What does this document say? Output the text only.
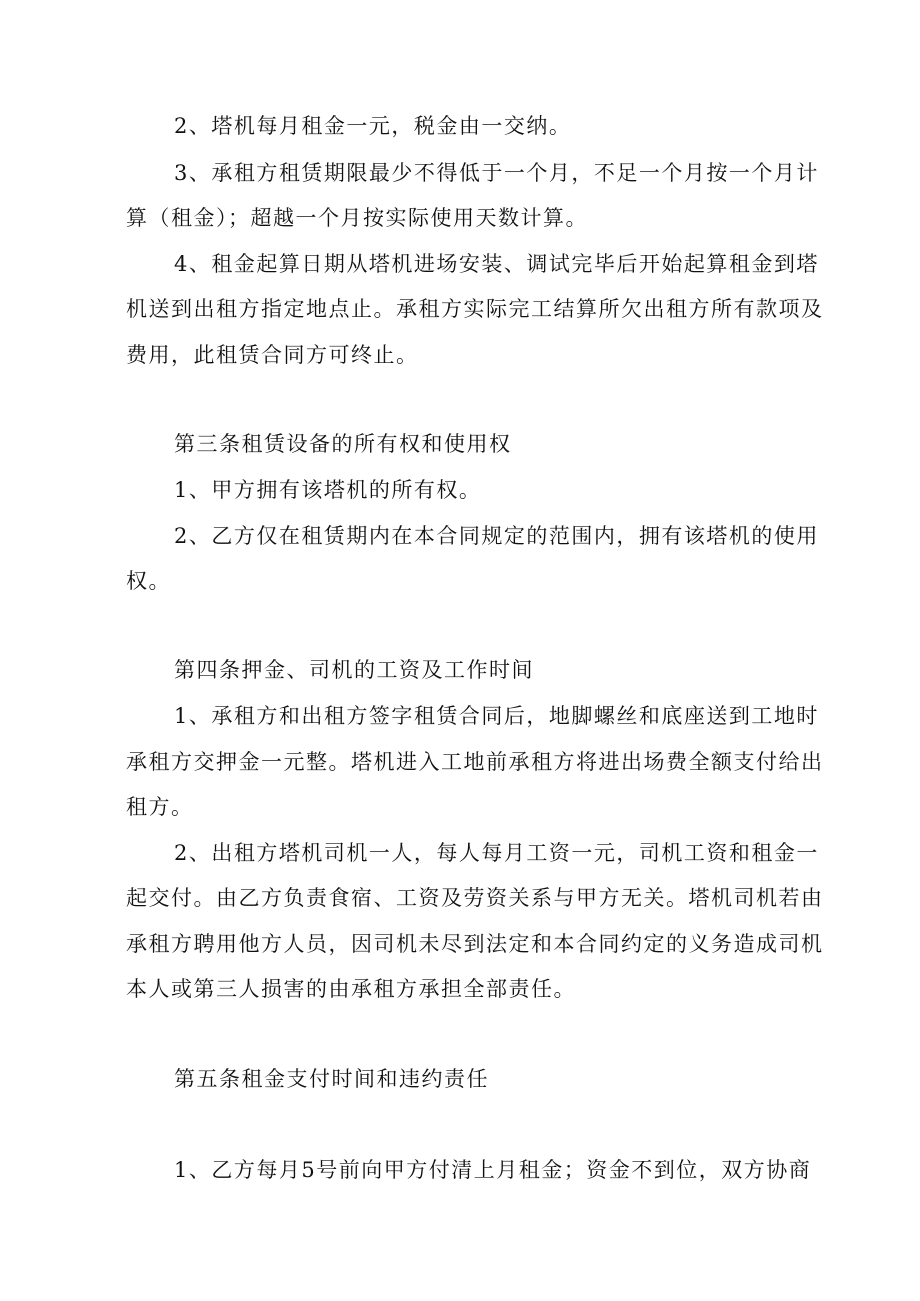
2、塔机每月租金一元，税金由一交纳。
3、承租方租赁期限最少不得低于一个月，不足一个月按一个月计
算（租金）；超越一个月按实际使用天数计算。
4、租金起算日期从塔机进场安装、调试完毕后开始起算租金到塔
机送到出租方指定地点止。承租方实际完工结算所欠出租方所有款项及
费用，此租赁合同方可终止。
第三条租赁设备的所有权和使用权
1、甲方拥有该塔机的所有权。
2、乙方仅在租赁期内在本合同规定的范围内，拥有该塔机的使用
权。
第四条押金、司机的工资及工作时间
1、承租方和出租方签字租赁合同后，地脚螺丝和底座送到工地时
承租方交押金一元整。塔机进入工地前承租方将进出场费全额支付给出
租方。
2、出租方塔机司机一人，每人每月工资一元，司机工资和租金一
起交付。由乙方负责食宿、工资及劳资关系与甲方无关。塔机司机若由
承租方聘用他方人员，因司机未尽到法定和本合同约定的义务造成司机
本人或第三人损害的由承租方承担全部责任。
第五条租金支付时间和违约责任
1、乙方每月5号前向甲方付清上月租金；资金不到位，双方协商
